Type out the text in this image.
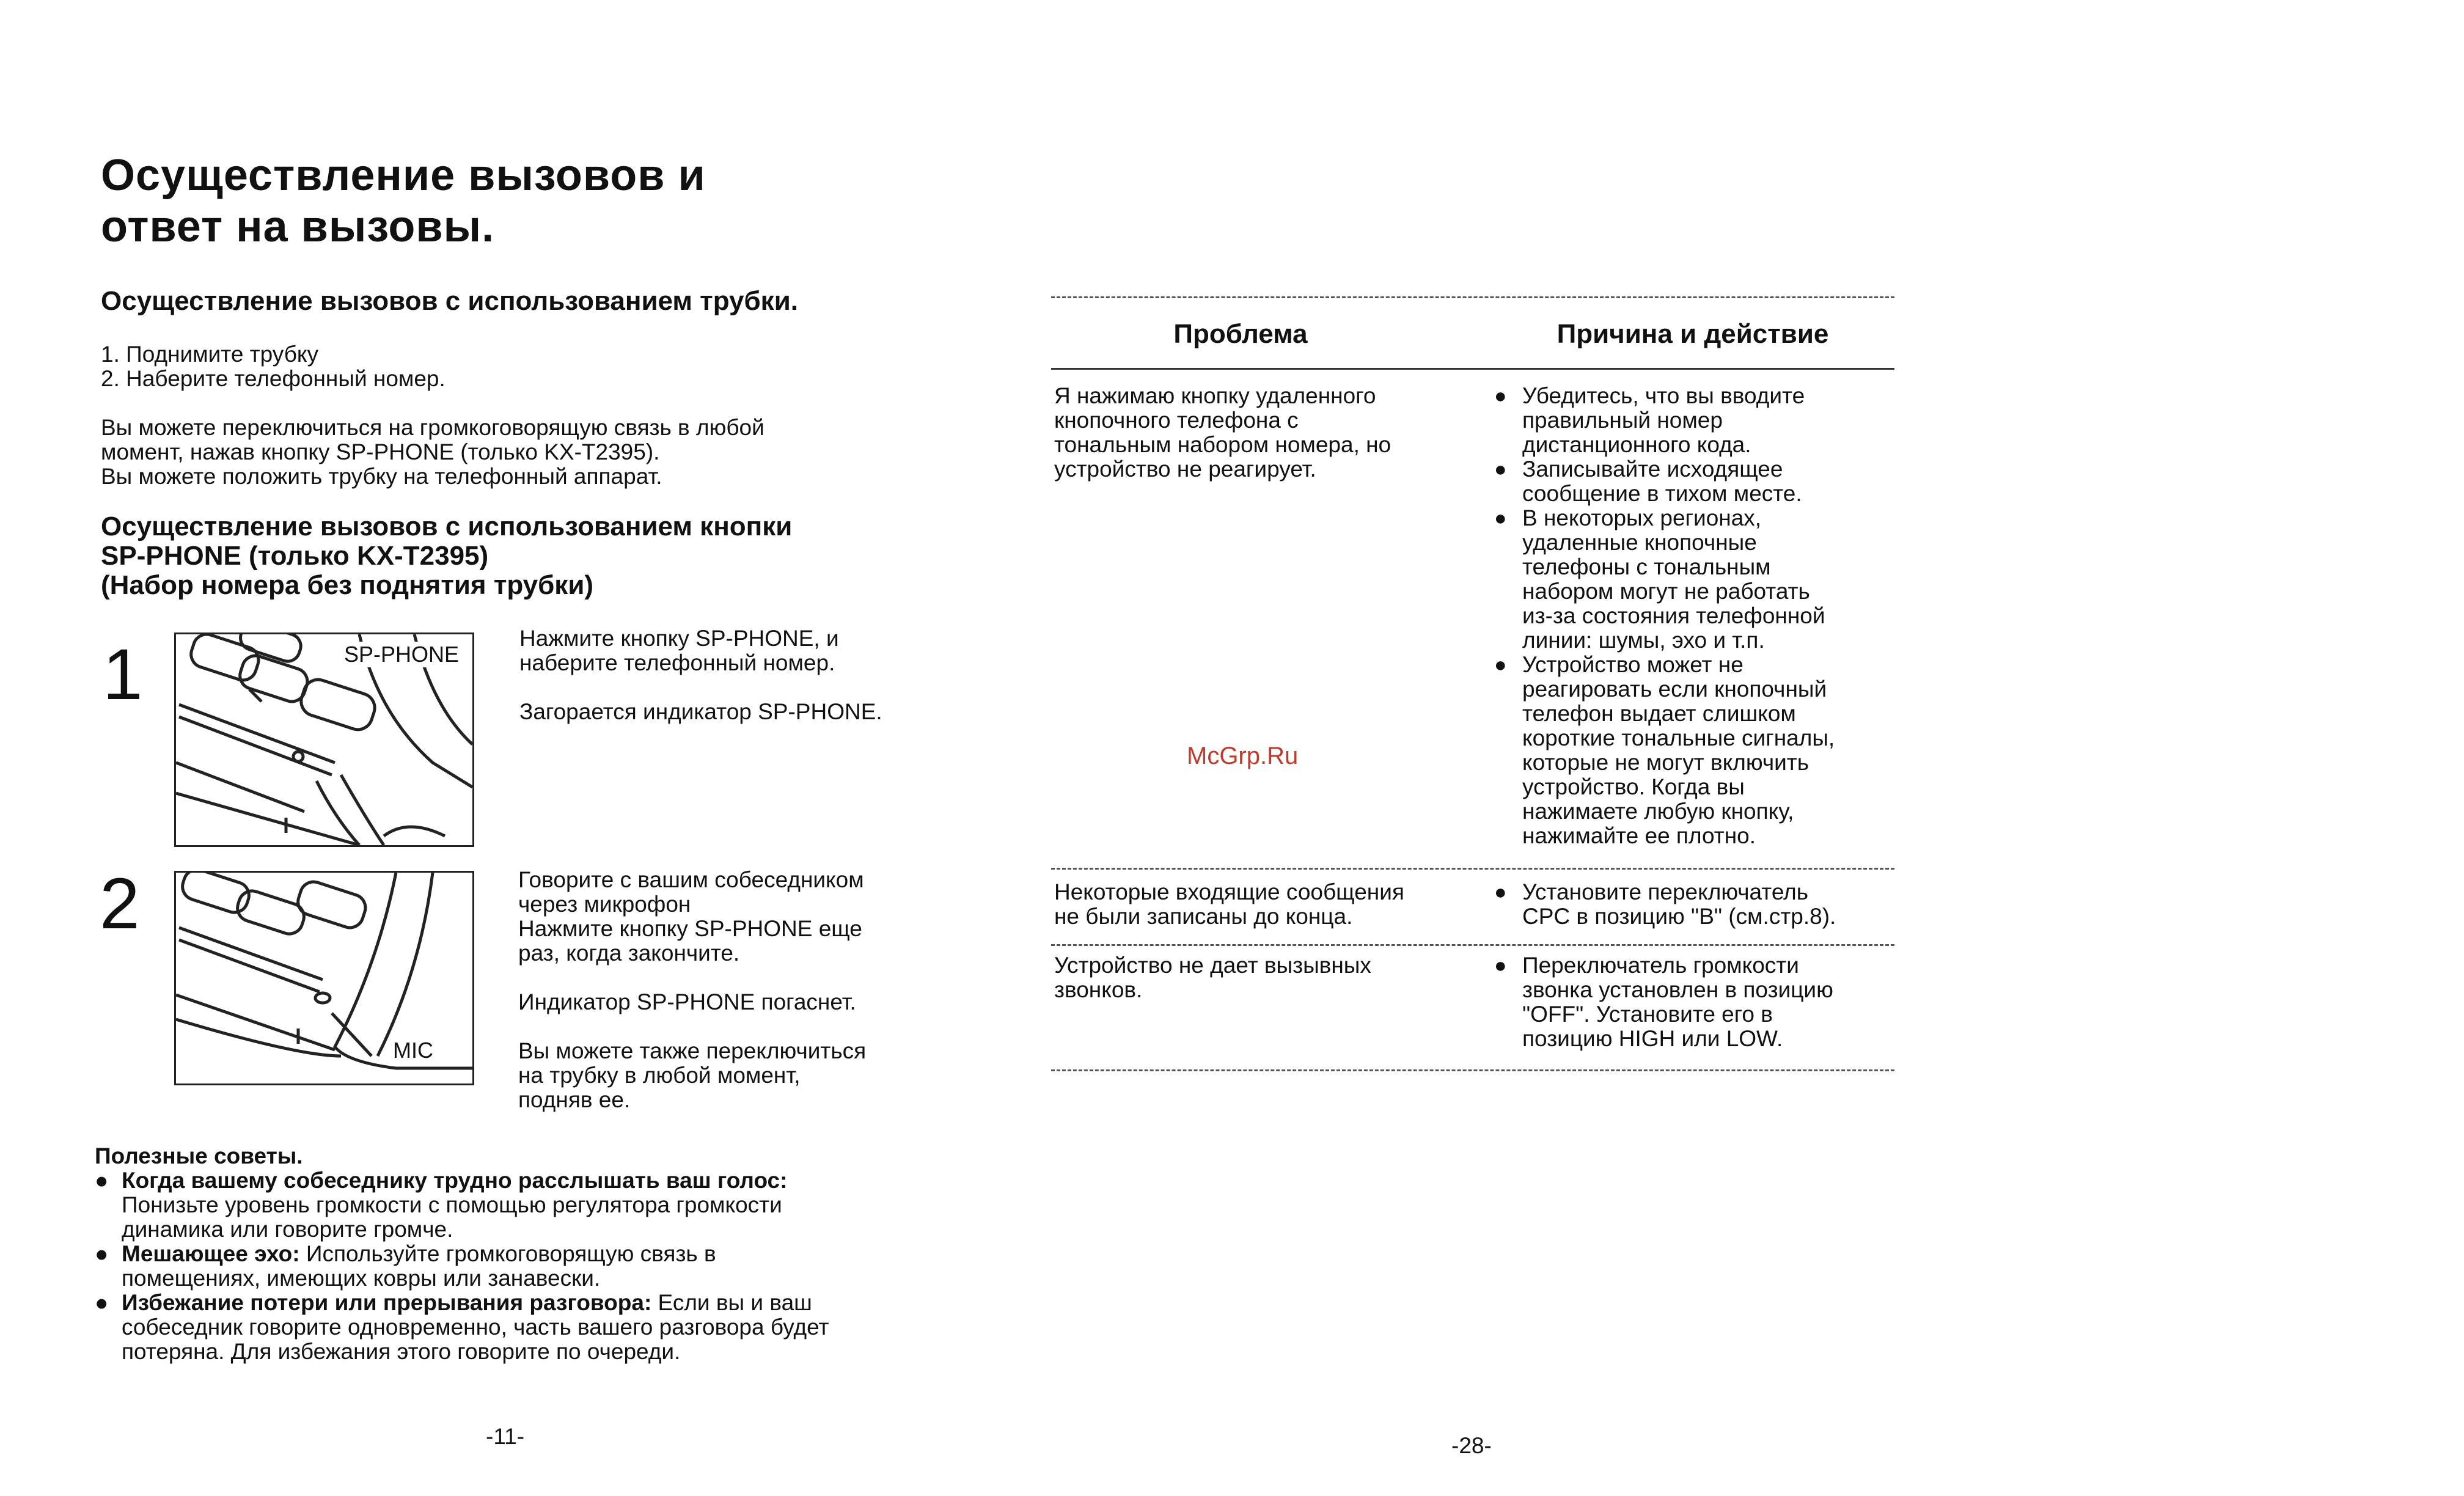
Осуществление вызовов и
ответ на вызовы.
Осуществление вызовов с использованием трубки.
1. Поднимите трубку
2. Наберите телефонный номер.
Вы можете переключиться на громкоговорящую связь в любой
момент, нажав кнопку SP-PHONE (только KX-T2395).
Вы можете положить трубку на телефонный аппарат.
Осуществление вызовов с использованием кнопки
SP-PHONE (только KX-T2395)
(Набор номера без поднятия трубки)
1	SP-PHONE
Нажмите кнопку SP-PHONE, и
наберите телефонный номер.
Загорается индикатор SP-PHONE.
2
MIC
Говорите с вашим собеседником
через микрофон
Нажмите кнопку SP-PHONE еще
раз, когда закончите.
Индикатор SP-PHONE погаснет.
Вы можете также переключиться
на трубку в любой момент,
подняв ее.
Полезные советы.
● Когда вашему собеседнику трудно расслышать ваш голос:
Понизьте уровень громкости с помощью регулятора громкости
динамика или говорите громче.
● Мешающее эхо: Используйте громкоговорящую связь в
помещениях, имеющих ковры или занавески.
● Избежание потери или прерывания разговора: Если вы и ваш
собеседник говорите одновременно, часть вашего разговора будет
потеряна. Для избежания этого говорите по очереди.
-11-
Проблема	Причина и действие
Я нажимаю кнопку удаленного
кнопочного телефона с
тональным набором номера, но
устройство не реагирует.
● Убедитесь, что вы вводите
правильный номер
дистанционного кода.
● Записывайте исходящее
сообщение в тихом месте.
● В некоторых регионах,
удаленные кнопочные
телефоны с тональным
набором могут не работать
из-за состояния телефонной
линии: шумы, эхо и т.п.
● Устройство может не
реагировать если кнопочный
телефон выдает слишком
короткие тональные сигналы,
которые не могут включить
устройство. Когда вы
нажимаете любую кнопку,
нажимайте ее плотно.
McGrp.Ru
Некоторые входящие сообщения
не были записаны до конца.
● Установите переключатель
CPC в позицию "B" (см.стр.8).
Устройство не дает вызывных
звонков.
● Переключатель громкости
звонка установлен в позицию
"OFF". Установите его в
позицию HIGH или LOW.
-28-
